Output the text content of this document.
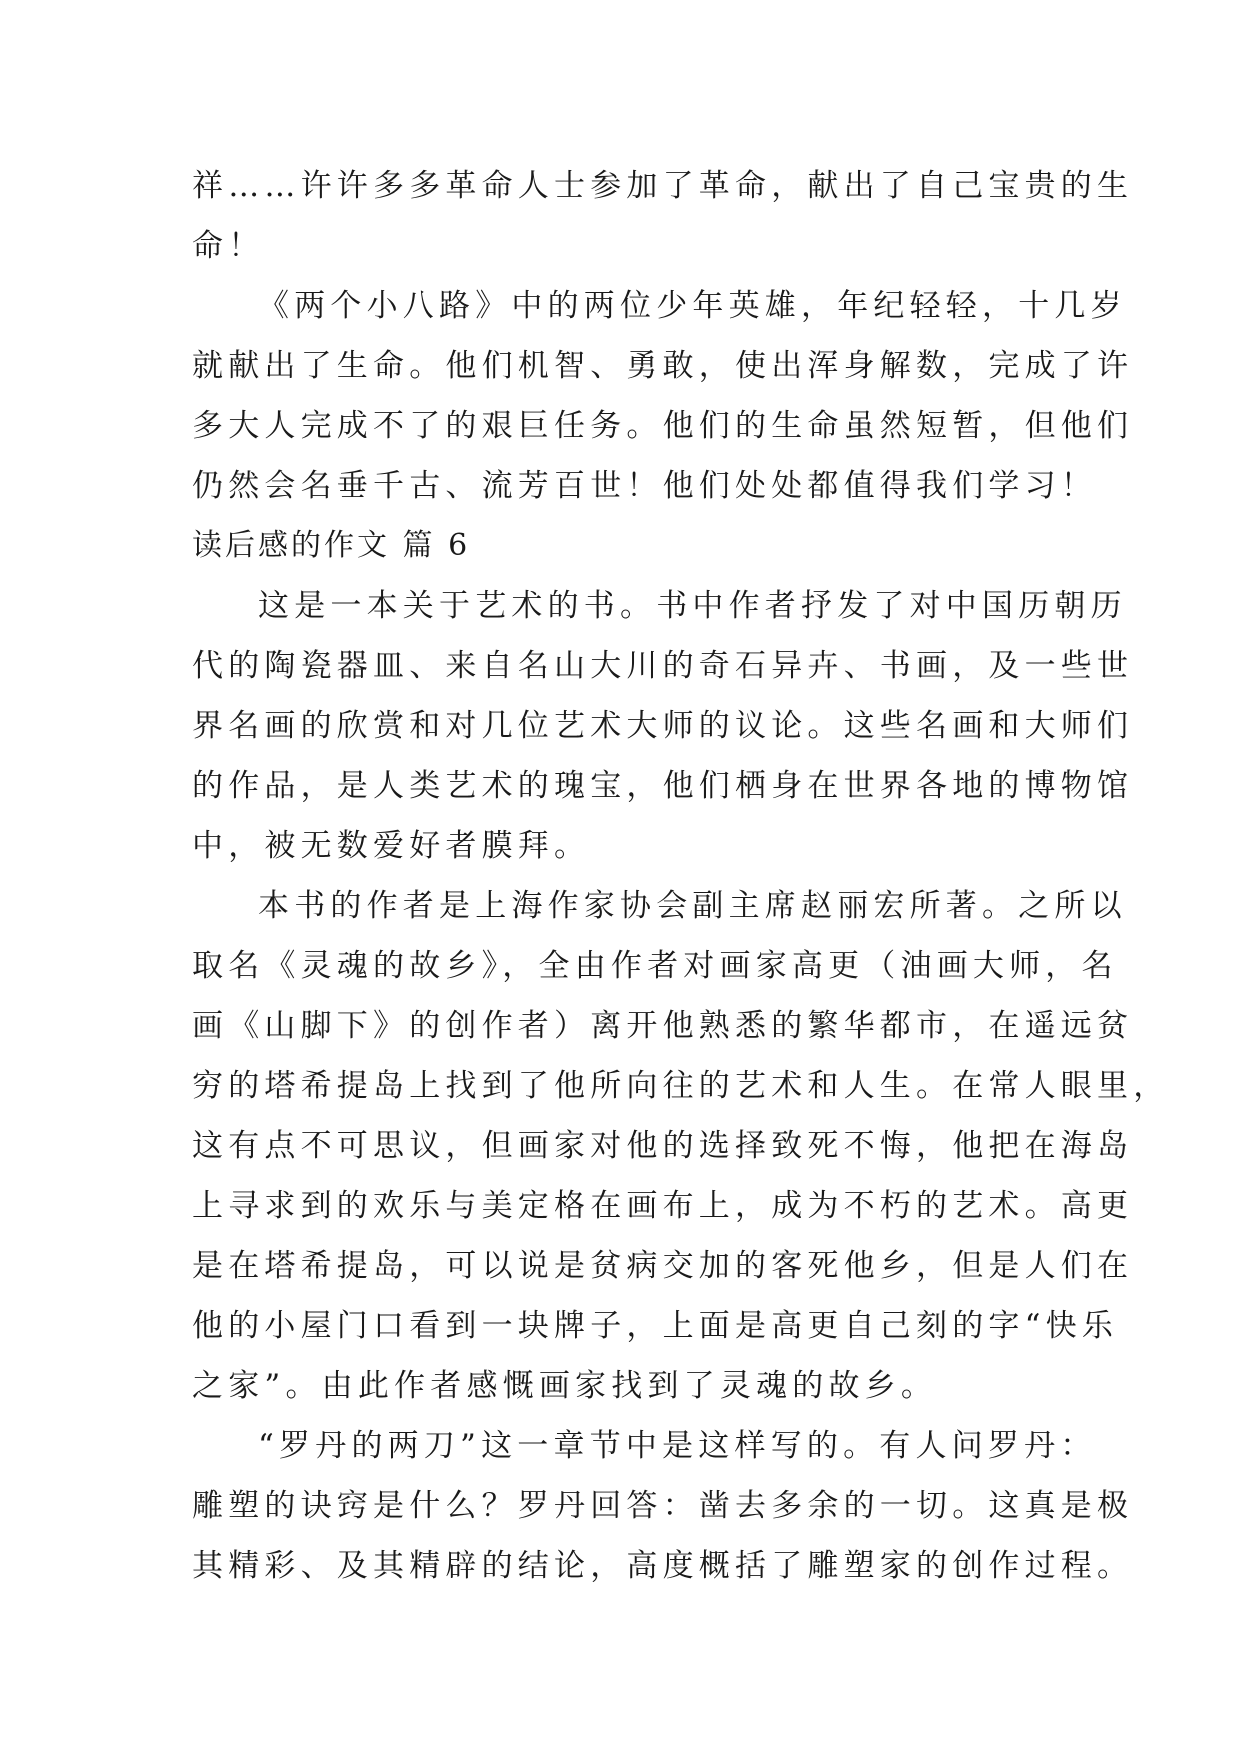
祥……许许多多革命人士参加了革命，献出了自己宝贵的生
命！
《两个小八路》中的两位少年英雄，年纪轻轻，十几岁
就献出了生命。他们机智、勇敢，使出浑身解数，完成了许
多大人完成不了的艰巨任务。他们的生命虽然短暂，但他们
仍然会名垂千古、流芳百世！他们处处都值得我们学习！
读后感的作文 篇 6
这是一本关于艺术的书。书中作者抒发了对中国历朝历
代的陶瓷器皿、来自名山大川的奇石异卉、书画，及一些世
界名画的欣赏和对几位艺术大师的议论。这些名画和大师们
的作品，是人类艺术的瑰宝，他们栖身在世界各地的博物馆
中，被无数爱好者膜拜。
本书的作者是上海作家协会副主席赵丽宏所著。之所以
取名《灵魂的故乡》，全由作者对画家高更（油画大师，名
画《山脚下》的创作者）离开他熟悉的繁华都市，在遥远贫
穷的塔希提岛上找到了他所向往的艺术和人生。在常人眼里，
这有点不可思议，但画家对他的选择致死不悔，他把在海岛
上寻求到的欢乐与美定格在画布上，成为不朽的艺术。高更
是在塔希提岛，可以说是贫病交加的客死他乡，但是人们在
他的小屋门口看到一块牌子，上面是高更自己刻的字“快乐
之家”。由此作者感慨画家找到了灵魂的故乡。
“罗丹的两刀”这一章节中是这样写的。有人问罗丹：
雕塑的诀窍是什么？罗丹回答：凿去多余的一切。这真是极
其精彩、及其精辟的结论，高度概括了雕塑家的创作过程。
